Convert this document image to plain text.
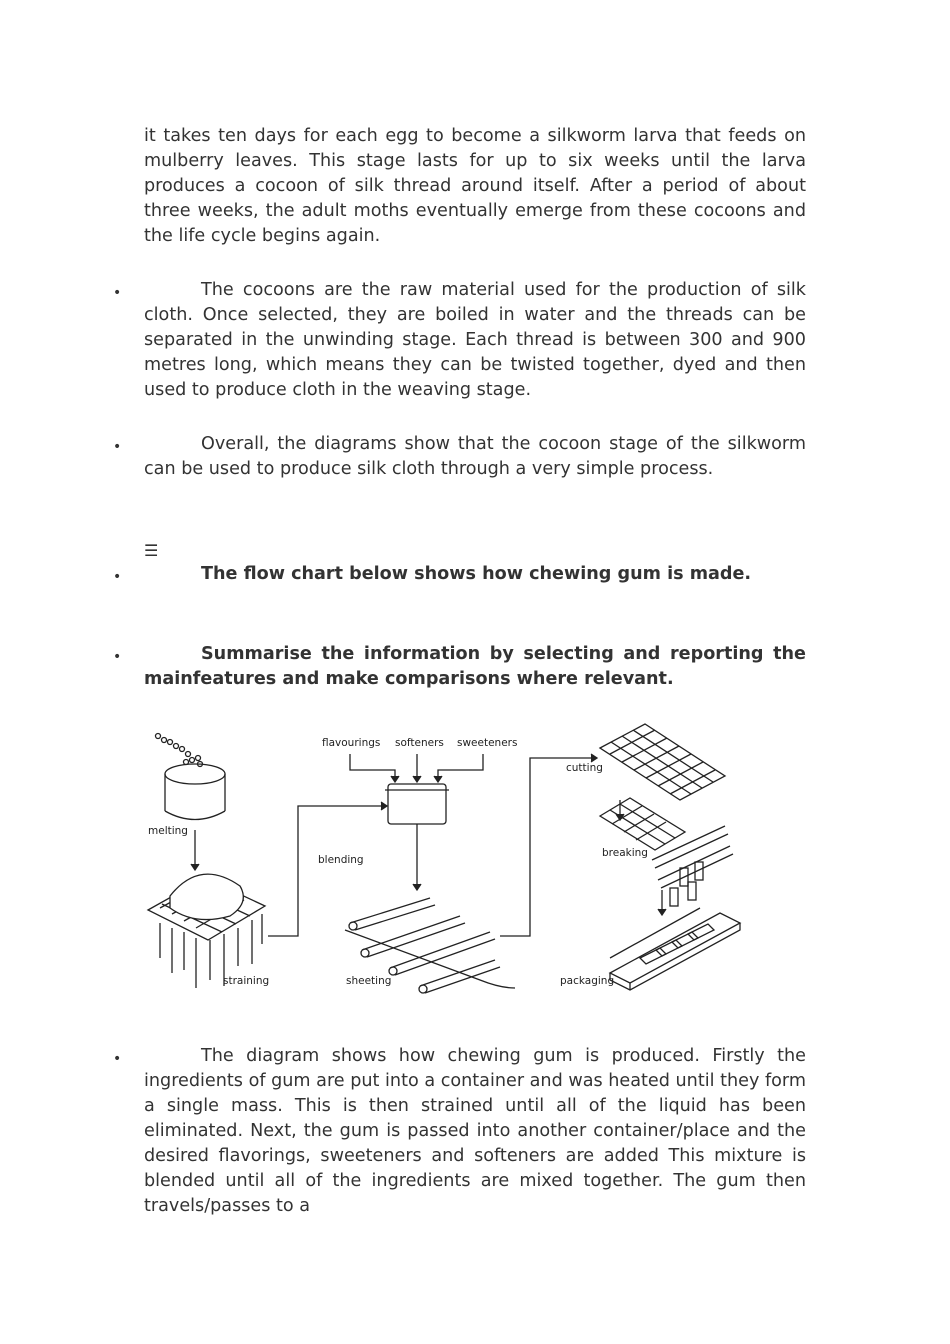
it takes ten days for each egg to become a silkworm larva that feeds on mulberry leaves. This stage lasts for up to six weeks until the larva produces a cocoon of silk thread around itself. After a period of about three weeks, the adult moths eventually emerge from these cocoons and the life cycle begins again.

•	The cocoons are the raw material used for the production of silk cloth. Once selected, they are boiled in water and the threads can be separated in the unwinding stage. Each thread is between 300 and 900 metres long, which means they can be twisted together, dyed and then used to produce cloth in the weaving stage.

•	Overall, the diagrams show that the cocoon stage of the silkworm can be used to produce silk cloth through a very simple process.

☰
•	The flow chart below shows how chewing gum is made.

•	Summarise the information by selecting and reporting the mainfeatures and make comparisons where relevant.

melting
straining
flavourings softeners sweeteners
blending
sheeting
cutting
breaking
packaging
•	The diagram shows how chewing gum is produced. Firstly the ingredients of gum are put into a container and was heated until they form a single mass. This is then strained until all of the liquid has been eliminated. Next, the gum is passed into another container/place and the desired flavorings, sweeteners and softeners are added This mixture is blended until all of the ingredients are mixed together. The gum then travels/passes to a
